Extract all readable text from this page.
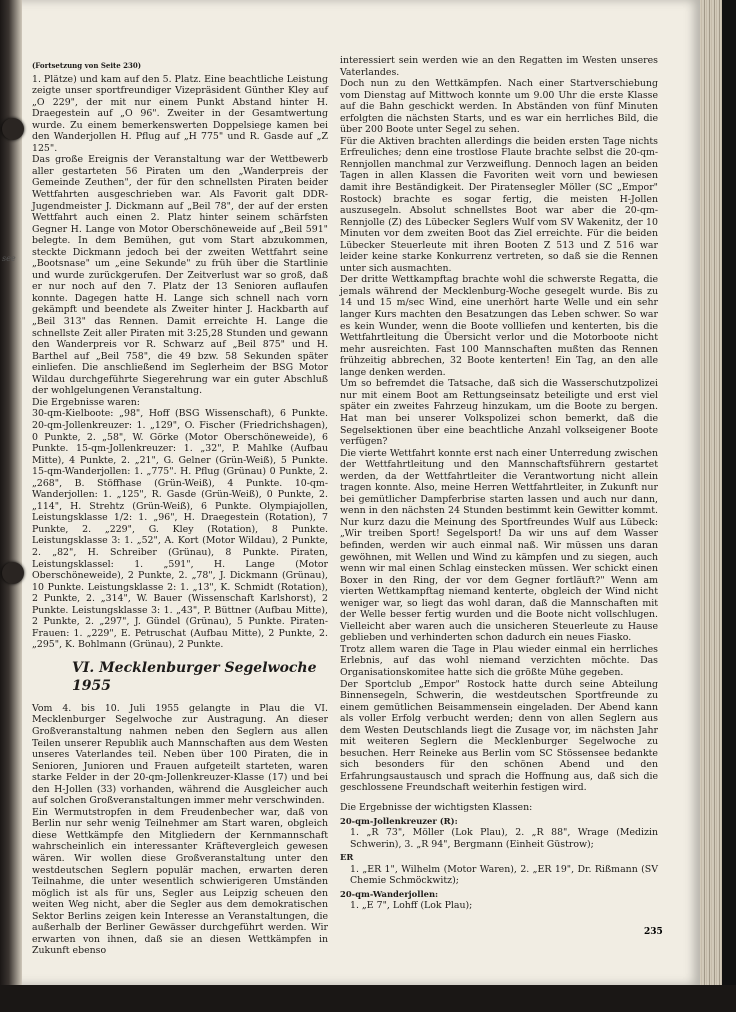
see
(Fortsetzung von Seite 230)

1. Plätze) und kam auf den 5. Platz. Eine beachtliche Leistung zeigte unser sportfreundiger Vizepräsident Günther Kley auf „O 229", der mit nur einem Punkt Abstand hinter H. Draegestein auf „O 96". Zweiter in der Gesamtwertung wurde. Zu einem bemerkenswerten Doppelsiege kamen bei den Wanderjollen H. Pflug auf „H 775" und R. Gasde auf „Z 125".

Das große Ereignis der Veranstaltung war der Wettbewerb aller gestarteten 56 Piraten um den „Wanderpreis der Gemeinde Zeuthen", der für den schnellsten Piraten beider Wettfahrten ausgeschrieben war. Als Favorit galt DDR-Jugendmeister J. Dickmann auf „Beil 78", der auf der ersten Wettfahrt auch einen 2. Platz hinter seinem schärfsten Gegner H. Lange von Motor Oberschöneweide auf „Beil 591" belegte. In dem Bemühen, gut vom Start abzukommen, steckte Dickmann jedoch bei der zweiten Wettfahrt seine „Bootsnase" um „eine Sekunde" zu früh über die Startlinie und wurde zurückgerufen. Der Zeitverlust war so groß, daß er nur noch auf den 7. Platz der 13 Senioren auflaufen konnte. Dagegen hatte H. Lange sich schnell nach vorn gekämpft und beendete als Zweiter hinter J. Hackbarth auf „Beil 313" das Rennen. Damit erreichte H. Lange die schnellste Zeit aller Piraten mit 3:25,28 Stunden und gewann den Wanderpreis vor R. Schwarz auf „Beil 875" und H. Barthel auf „Beil 758", die 49 bzw. 58 Sekunden später einliefen. Die anschließend im Seglerheim der BSG Motor Wildau durchgeführte Siegerehrung war ein guter Abschluß der wohlgelungenen Veranstaltung.

Die Ergebnisse waren:

30-qm-Kielboote: „98", Hoff (BSG Wissenschaft), 6 Punkte. 20-qm-Jollenkreuzer: 1. „129", O. Fischer (Friedrichshagen), 0 Punkte, 2. „58", W. Görke (Motor Oberschöneweide), 6 Punkte. 15-qm-Jollenkreuzer: 1. „32", P. Mahlke (Aufbau Mitte), 4 Punkte, 2. „21", G. Gelner (Grün-Weiß), 5 Punkte. 15-qm-Wanderjollen: 1. „775". H. Pflug (Grünau) 0 Punkte, 2. „268", B. Stöffhase (Grün-Weiß), 4 Punkte. 10-qm-Wanderjollen: 1. „125", R. Gasde (Grün-Weiß), 0 Punkte, 2. „114", H. Strehtz (Grün-Weiß), 6 Punkte. Olympiajollen, Leistungsklasse 1/2: 1. „96", H. Draegestein (Rotation), 7 Punkte, 2. „229", G. Kley (Rotation), 8 Punkte. Leistungsklasse 3: 1. „52", A. Kort (Motor Wildau), 2 Punkte, 2. „82", H. Schreiber (Grünau), 8 Punkte. Piraten, Leistungsklassel: 1. „591", H. Lange (Motor Oberschöneweide), 2 Punkte, 2. „78", J. Dickmann (Grünau), 10 Punkte. Leistungsklasse 2: 1. „13", K. Schmidt (Rotation), 2 Punkte, 2. „314", W. Bauer (Wissenschaft Karlshorst), 2 Punkte. Leistungsklasse 3: 1. „43", P. Büttner (Aufbau Mitte), 2 Punkte, 2. „297", J. Gündel (Grünau), 5 Punkte. Piraten-Frauen: 1. „229", E. Petruschat (Aufbau Mitte), 2 Punkte, 2. „295", K. Bohlmann (Grünau), 2 Punkte.

VI. Mecklenburger Segelwoche 1955

Vom 4. bis 10. Juli 1955 gelangte in Plau die VI. Mecklenburger Segelwoche zur Austragung. An dieser Großveranstaltung nahmen neben den Seglern aus allen Teilen unserer Republik auch Mannschaften aus dem Westen unseres Vaterlandes teil. Neben über 100 Piraten, die in Senioren, Junioren und Frauen aufgeteilt starteten, waren starke Felder in der 20-qm-Jollenkreuzer-Klasse (17) und bei den H-Jollen (33) vorhanden, während die Ausgleicher auch auf solchen Großveranstaltungen immer mehr verschwinden.

Ein Wermutstropfen in dem Freudenbecher war, daß von Berlin nur sehr wenig Teilnehmer am Start waren, obgleich diese Wettkämpfe den Mitgliedern der Kernmannschaft wahrscheinlich ein interessanter Kräftevergleich gewesen wären. Wir wollen diese Großveranstaltung unter den westdeutschen Seglern populär machen, erwarten deren Teilnahme, die unter wesentlich schwierigeren Umständen möglich ist als für uns, Segler aus Leipzig scheuen den weiten Weg nicht, aber die Segler aus dem demokratischen Sektor Berlins zeigen kein Interesse an Veranstaltungen, die außerhalb der Berliner Gewässer durchgeführt werden. Wir erwarten von ihnen, daß sie an diesen Wettkämpfen in Zukunft ebenso

interessiert sein werden wie an den Regatten im Westen unseres Vaterlandes.

Doch nun zu den Wettkämpfen. Nach einer Startverschiebung vom Dienstag auf Mittwoch konnte um 9.00 Uhr die erste Klasse auf die Bahn geschickt werden. In Abständen von fünf Minuten erfolgten die nächsten Starts, und es war ein herrliches Bild, die über 200 Boote unter Segel zu sehen.

Für die Aktiven brachten allerdings die beiden ersten Tage nichts Erfreuliches; denn eine trostlose Flaute brachte selbst die 20-qm-Rennjollen manchmal zur Verzweiflung. Dennoch lagen an beiden Tagen in allen Klassen die Favoriten weit vorn und bewiesen damit ihre Beständigkeit. Der Piratensegler Möller (SC „Empor" Rostock) brachte es sogar fertig, die meisten H-Jollen auszusegeln. Absolut schnellstes Boot war aber die 20-qm-Rennjolle (Z) des Lübecker Seglers Wulf vom SV Wakenitz, der 10 Minuten vor dem zweiten Boot das Ziel erreichte. Für die beiden Lübecker Steuerleute mit ihren Booten Z 513 und Z 516 war leider keine starke Konkurrenz vertreten, so daß sie die Rennen unter sich ausmachten.

Der dritte Wettkampftag brachte wohl die schwerste Regatta, die jemals während der Mecklenburg-Woche gesegelt wurde. Bis zu 14 und 15 m/sec Wind, eine unerhört harte Welle und ein sehr langer Kurs machten den Besatzungen das Leben schwer. So war es kein Wunder, wenn die Boote vollliefen und kenterten, bis die Wettfahrtleitung die Übersicht verlor und die Motorboote nicht mehr ausreichten. Fast 100 Mannschaften mußten das Rennen frühzeitig abbrechen, 32 Boote kenterten! Ein Tag, an den alle lange denken werden.

Um so befremdet die Tatsache, daß sich die Wasserschutzpolizei nur mit einem Boot am Rettungseinsatz beteiligte und erst viel später ein zweites Fahrzeug hinzukam, um die Boote zu bergen. Hat man bei unserer Volkspolizei schon bemerkt, daß die Segelsektionen über eine beachtliche Anzahl volkseigener Boote verfügen?

Die vierte Wettfahrt konnte erst nach einer Unterredung zwischen der Wettfahrtleitung und den Mannschaftsführern gestartet werden, da der Wettfahrtleiter die Verantwortung nicht allein tragen konnte. Also, meine Herren Wettfahrtleiter, in Zukunft nur bei gemütlicher Dampferbrise starten lassen und auch nur dann, wenn in den nächsten 24 Stunden bestimmt kein Gewitter kommt. Nur kurz dazu die Meinung des Sportfreundes Wulf aus Lübeck: „Wir treiben Sport! Segelsport! Da wir uns auf dem Wasser befinden, werden wir auch einmal naß. Wir müssen uns daran gewöhnen, mit Wellen und Wind zu kämpfen und zu siegen, auch wenn wir mal einen Schlag einstecken müssen. Wer schickt einen Boxer in den Ring, der vor dem Gegner fortläuft?" Wenn am vierten Wettkampftag niemand kenterte, obgleich der Wind nicht weniger war, so liegt das wohl daran, daß die Mannschaften mit der Welle besser fertig wurden und die Boote nicht vollschlugen. Vielleicht aber waren auch die unsicheren Steuerleute zu Hause geblieben und verhinderten schon dadurch ein neues Fiasko.

Trotz allem waren die Tage in Plau wieder einmal ein herrliches Erlebnis, auf das wohl niemand verzichten möchte. Das Organisationskomitee hatte sich die größte Mühe gegeben.

Der Sportclub „Empor" Rostock hatte durch seine Abteilung Binnensegeln, Schwerin, die westdeutschen Sportfreunde zu einem gemütlichen Beisammensein eingeladen. Der Abend kann als voller Erfolg verbucht werden; denn von allen Seglern aus dem Westen Deutschlands liegt die Zusage vor, im nächsten Jahr mit weiteren Seglern die Mecklenburger Segelwoche zu besuchen. Herr Reineke aus Berlin vom SC Stössensee bedankte sich besonders für den schönen Abend und den Erfahrungsaustausch und sprach die Hoffnung aus, daß sich die geschlossene Freundschaft weiterhin festigen wird.

Die Ergebnisse der wichtigsten Klassen:

20-qm-Jollenkreuzer (R):
1. „R 73", Möller (Lok Plau), 2. „R 88", Wrage (Medizin Schwerin), 3. „R 94", Bergmann (Einheit Güstrow);
ER
1. „ER 1", Wilhelm (Motor Waren), 2. „ER 19", Dr. Rißmann (SV Chemie Schmöckwitz);
20-qm-Wanderjollen:
1. „E 7", Lohff (Lok Plau);
235
